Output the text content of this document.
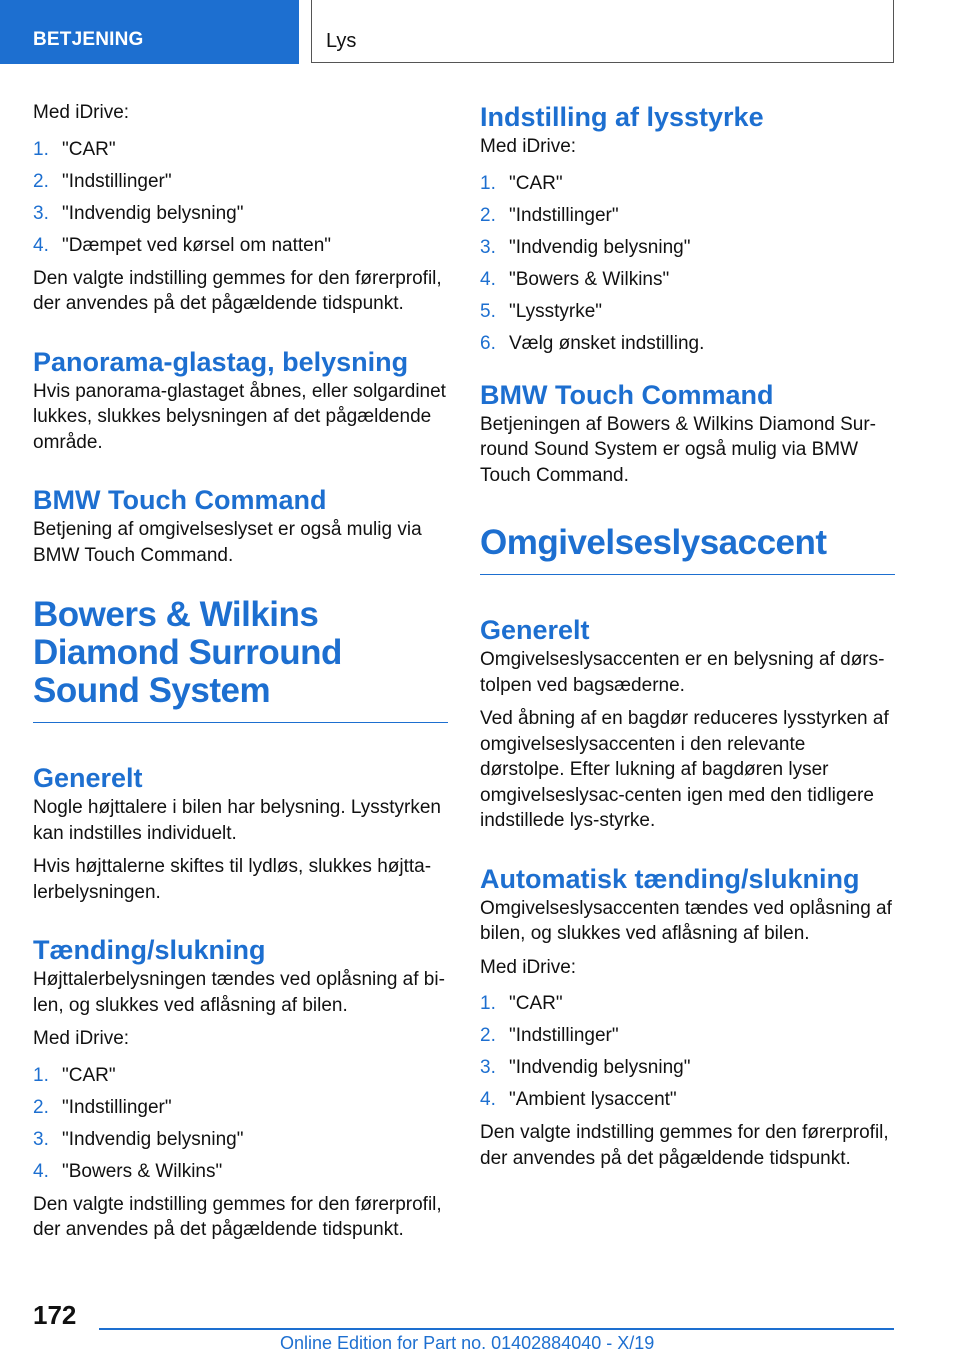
BETJENING	Lys

Med iDrive:

1. "CAR"
2. "Indstillinger"
3. "Indvendig belysning"
4. "Dæmpet ved kørsel om natten"

Den valgte indstilling gemmes for den førerprofil, der anvendes på det pågældende tidspunkt.

Panorama-glastag, belysning

Hvis panorama-glastaget åbnes, eller solgardinet lukkes, slukkes belysningen af det pågældende område.

BMW Touch Command

Betjening af omgivelseslyset er også mulig via BMW Touch Command.

Bowers & Wilkins Diamond Surround Sound System
Generelt

Nogle højttalere i bilen har belysning. Lysstyrken kan indstilles individuelt.

Hvis højttalerne skiftes til lydløs, slukkes højtta-lerbelysningen.

Tænding/slukning

Højttalerbelysningen tændes ved oplåsning af bi-len, og slukkes ved aflåsning af bilen.

Med iDrive:

1. "CAR"
2. "Indstillinger"
3. "Indvendig belysning"
4. "Bowers & Wilkins"

Den valgte indstilling gemmes for den førerprofil, der anvendes på det pågældende tidspunkt.

Indstilling af lysstyrke

Med iDrive:

1. "CAR"
2. "Indstillinger"
3. "Indvendig belysning"
4. "Bowers & Wilkins"
5. "Lysstyrke"
6. Vælg ønsket indstilling.
BMW Touch Command

Betjeningen af Bowers & Wilkins Diamond Sur-round Sound System er også mulig via BMW Touch Command.

Omgivelseslysaccent
Generelt

Omgivelseslysaccenten er en belysning af dørs-tolpen ved bagsæderne.

Ved åbning af en bagdør reduceres lysstyrken af omgivelseslysaccenten i den relevante dørstolpe. Efter lukning af bagdøren lyser omgivelseslysac-centen igen med den tidligere indstillede lys-styrke.

Automatisk tænding/slukning

Omgivelseslysaccenten tændes ved oplåsning af bilen, og slukkes ved aflåsning af bilen.

Med iDrive:

1. "CAR"
2. "Indstillinger"
3. "Indvendig belysning"
4. "Ambient lysaccent"

Den valgte indstilling gemmes for den førerprofil, der anvendes på det pågældende tidspunkt.

172
Online Edition for Part no. 01402884040 - X/19
